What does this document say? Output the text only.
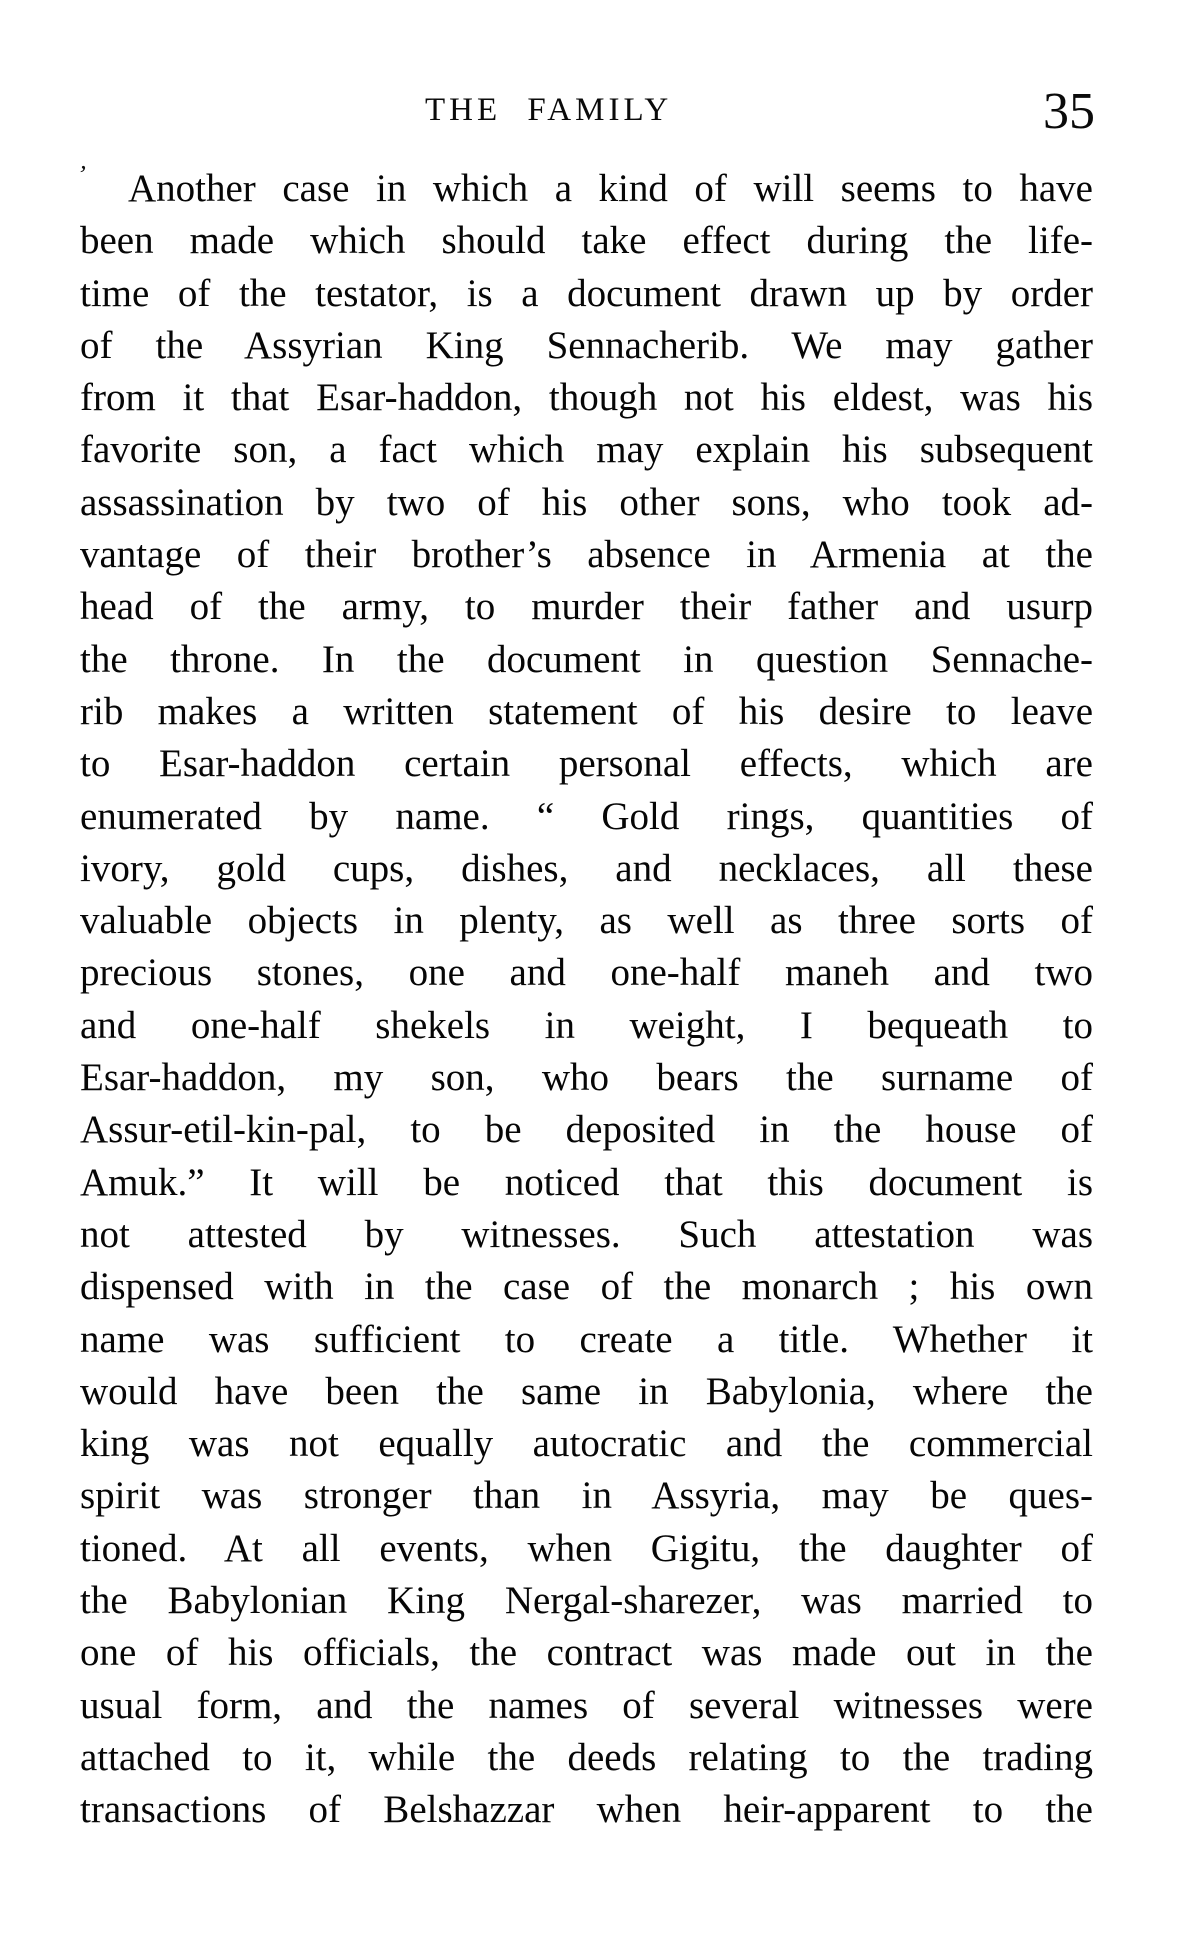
THE FAMILY	35
ʼ	Another case in which a kind of will seems to have
been made which should take effect during the life-
time of the testator, is a document drawn up by order
of the Assyrian King Sennacherib. We may gather
from it that Esar-haddon, though not his eldest, was his
favorite son, a fact which may explain his subsequent
assassination by two of his other sons, who took ad-
vantage of their brother’s absence in Armenia at the
head of the army, to murder their father and usurp
the throne. In the document in question Sennache-
rib makes a written statement of his desire to leave
to Esar-haddon certain personal effects, which are
enumerated by name. “ Gold rings, quantities of
ivory, gold cups, dishes, and necklaces, all these
valuable objects in plenty, as well as three sorts of
precious stones, one and one-half maneh and two
and one-half shekels in weight, I bequeath to
Esar-haddon, my son, who bears the surname of
Assur-etil-kin-pal, to be deposited in the house of
Amuk.” It will be noticed that this document is
not attested by witnesses. Such attestation was
dispensed with in the case of the monarch ; his own
name was sufficient to create a title. Whether it
would have been the same in Babylonia, where the
king was not equally autocratic and the commercial
spirit was stronger than in Assyria, may be ques-
tioned. At all events, when Gigitu, the daughter of
the Babylonian King Nergal-sharezer, was married to
one of his officials, the contract was made out in the
usual form, and the names of several witnesses were
attached to it, while the deeds relating to the trading
transactions of Belshazzar when heir-apparent to the
